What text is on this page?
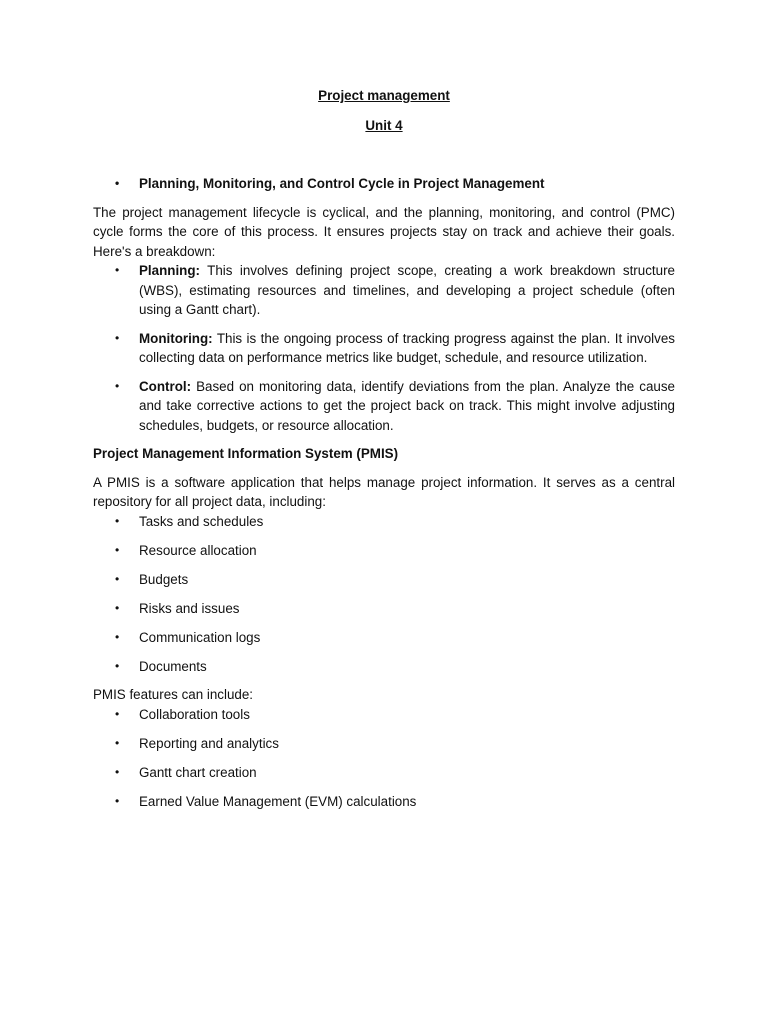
Project management

Unit 4

• Planning, Monitoring, and Control Cycle in Project Management

The project management lifecycle is cyclical, and the planning, monitoring, and control (PMC) cycle forms the core of this process. It ensures projects stay on track and achieve their goals. Here's a breakdown:

• Planning: This involves defining project scope, creating a work breakdown structure (WBS), estimating resources and timelines, and developing a project schedule (often using a Gantt chart).
• Monitoring: This is the ongoing process of tracking progress against the plan. It involves collecting data on performance metrics like budget, schedule, and resource utilization.
• Control: Based on monitoring data, identify deviations from the plan. Analyze the cause and take corrective actions to get the project back on track. This might involve adjusting schedules, budgets, or resource allocation.

Project Management Information System (PMIS)

A PMIS is a software application that helps manage project information. It serves as a central repository for all project data, including:

• Tasks and schedules
• Resource allocation
• Budgets
• Risks and issues
• Communication logs
• Documents

PMIS features can include:

• Collaboration tools
• Reporting and analytics
• Gantt chart creation
• Earned Value Management (EVM) calculations
